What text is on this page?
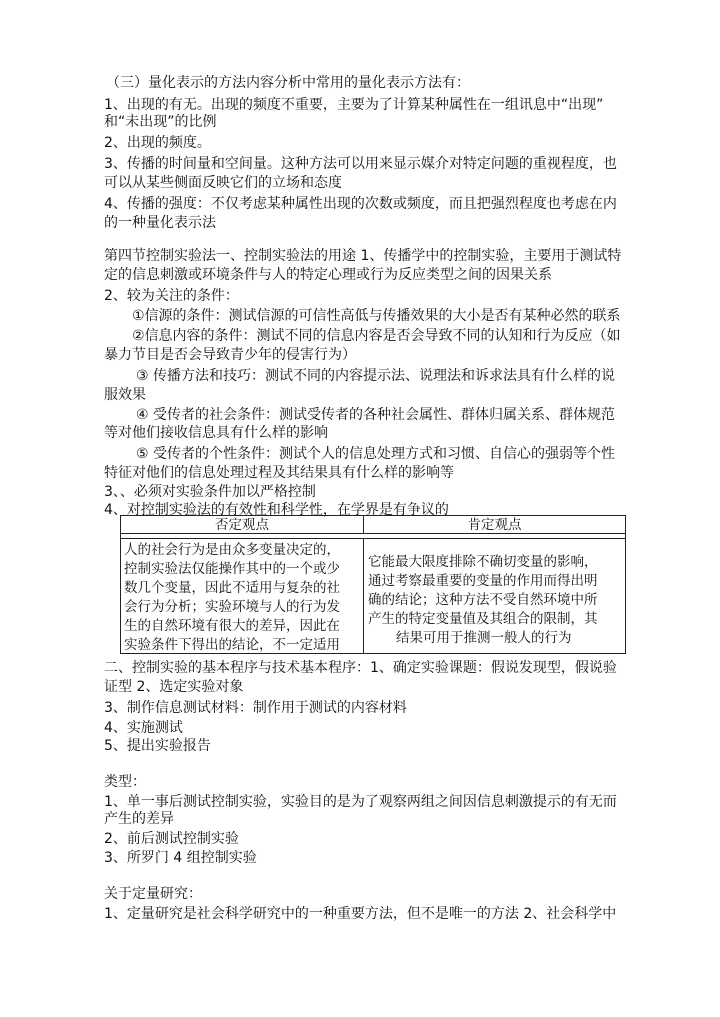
（三）量化表示的方法内容分析中常用的量化表示方法有：
1、出现的有无。出现的频度不重要，主要为了计算某种属性在一组讯息中“出现”
和“未出现”的比例
2、出现的频度。
3、传播的时间量和空间量。这种方法可以用来显示媒介对特定问题的重视程度，也
可以从某些侧面反映它们的立场和态度
4、传播的强度：不仅考虑某种属性出现的次数或频度，而且把强烈程度也考虑在内
的一种量化表示法
第四节控制实验法一、控制实验法的用途 1、传播学中的控制实验，主要用于测试特
定的信息刺激或环境条件与人的特定心理或行为反应类型之间的因果关系
2、较为关注的条件：
①信源的条件：测试信源的可信性高低与传播效果的大小是否有某种必然的联系
②信息内容的条件：测试不同的信息内容是否会导致不同的认知和行为反应（如
暴力节目是否会导致青少年的侵害行为）
③ 传播方法和技巧：测试不同的内容提示法、说理法和诉求法具有什么样的说
服效果
④ 受传者的社会条件：测试受传者的各种社会属性、群体归属关系、群体规范
等对他们接收信息具有什么样的影响
⑤ 受传者的个性条件：测试个人的信息处理方式和习惯、自信心的强弱等个性
特征对他们的信息处理过程及其结果具有什么样的影响等
3、、必须对实验条件加以严格控制
4、对控制实验法的有效性和科学性，在学界是有争议的
否定观点	肯定观点
人的社会行为是由众多变量决定的，
控制实验法仅能操作其中的一个或少
数几个变量，因此不适用与复杂的社
会行为分析；实验环境与人的行为发
生的自然环境有很大的差异，因此在
实验条件下得出的结论，不一定适用
它能最大限度排除不确切变量的影响，
通过考察最重要的变量的作用而得出明
确的结论；这种方法不受自然环境中所
产生的特定变量值及其组合的限制，其
结果可用于推测一般人的行为
二、控制实验的基本程序与技术基本程序：1、确定实验课题：假说发现型，假说验
证型 2、选定实验对象
3、制作信息测试材料：制作用于测试的内容材料
4、实施测试
5、提出实验报告
类型：
1、单一事后测试控制实验，实验目的是为了观察两组之间因信息刺激提示的有无而
产生的差异
2、前后测试控制实验
3、所罗门 4 组控制实验
关于定量研究：
1、定量研究是社会科学研究中的一种重要方法，但不是唯一的方法 2、社会科学中
